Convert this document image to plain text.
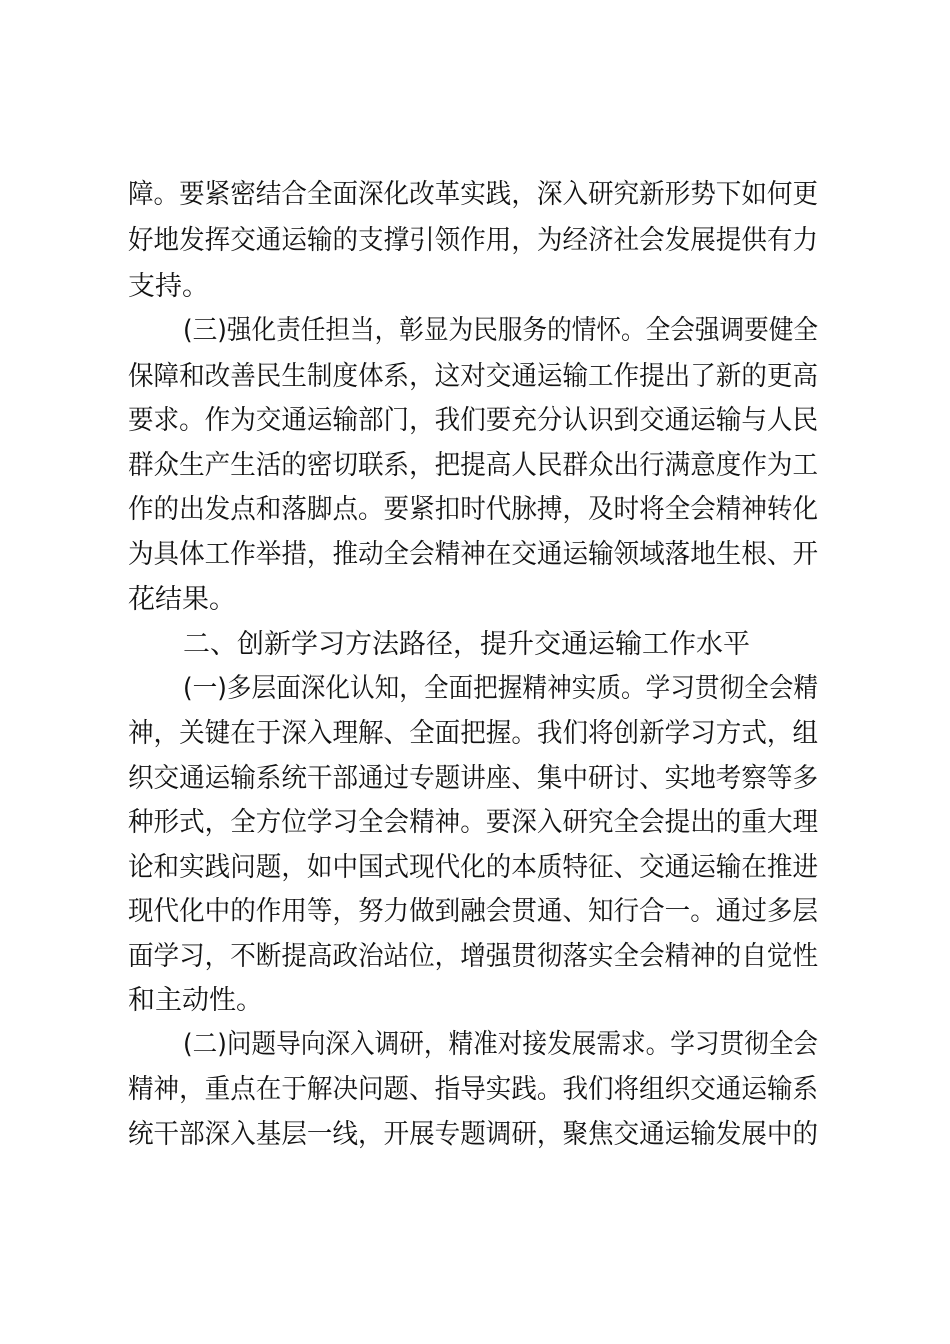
障。要紧密结合全面深化改革实践，深入研究新形势下如何更
好地发挥交通运输的支撑引领作用，为经济社会发展提供有力
支持。
(三)强化责任担当，彰显为民服务的情怀。全会强调要健全
保障和改善民生制度体系，这对交通运输工作提出了新的更高
要求。作为交通运输部门，我们要充分认识到交通运输与人民
群众生产生活的密切联系，把提高人民群众出行满意度作为工
作的出发点和落脚点。要紧扣时代脉搏，及时将全会精神转化
为具体工作举措，推动全会精神在交通运输领域落地生根、开
花结果。
二、创新学习方法路径，提升交通运输工作水平
(一)多层面深化认知，全面把握精神实质。学习贯彻全会精
神，关键在于深入理解、全面把握。我们将创新学习方式，组
织交通运输系统干部通过专题讲座、集中研讨、实地考察等多
种形式，全方位学习全会精神。要深入研究全会提出的重大理
论和实践问题，如中国式现代化的本质特征、交通运输在推进
现代化中的作用等，努力做到融会贯通、知行合一。通过多层
面学习，不断提高政治站位，增强贯彻落实全会精神的自觉性
和主动性。
(二)问题导向深入调研，精准对接发展需求。学习贯彻全会
精神，重点在于解决问题、指导实践。我们将组织交通运输系
统干部深入基层一线，开展专题调研，聚焦交通运输发展中的
